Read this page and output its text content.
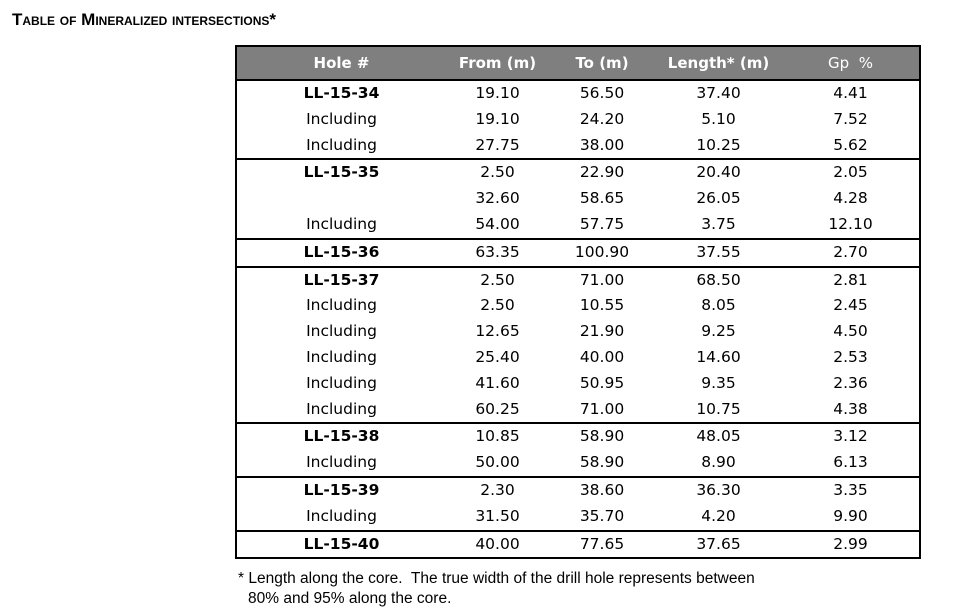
Table of Mineralized intersections*
Hole #	From (m)	To (m)	Length* (m)	Gp  %
LL-15-34	19.10	56.50	37.40	4.41
Including	19.10	24.20	5.10	7.52
Including	27.75	38.00	10.25	5.62
LL-15-35	2.50	22.90	20.40	2.05
	32.60	58.65	26.05	4.28
Including	54.00	57.75	3.75	12.10
LL-15-36	63.35	100.90	37.55	2.70
LL-15-37	2.50	71.00	68.50	2.81
Including	2.50	10.55	8.05	2.45
Including	12.65	21.90	9.25	4.50
Including	25.40	40.00	14.60	2.53
Including	41.60	50.95	9.35	2.36
Including	60.25	71.00	10.75	4.38
LL-15-38	10.85	58.90	48.05	3.12
Including	50.00	58.90	8.90	6.13
LL-15-39	2.30	38.60	36.30	3.35
Including	31.50	35.70	4.20	9.90
LL-15-40	40.00	77.65	37.65	2.99
* Length along the core.  The true width of the drill hole represents between
80% and 95% along the core.
